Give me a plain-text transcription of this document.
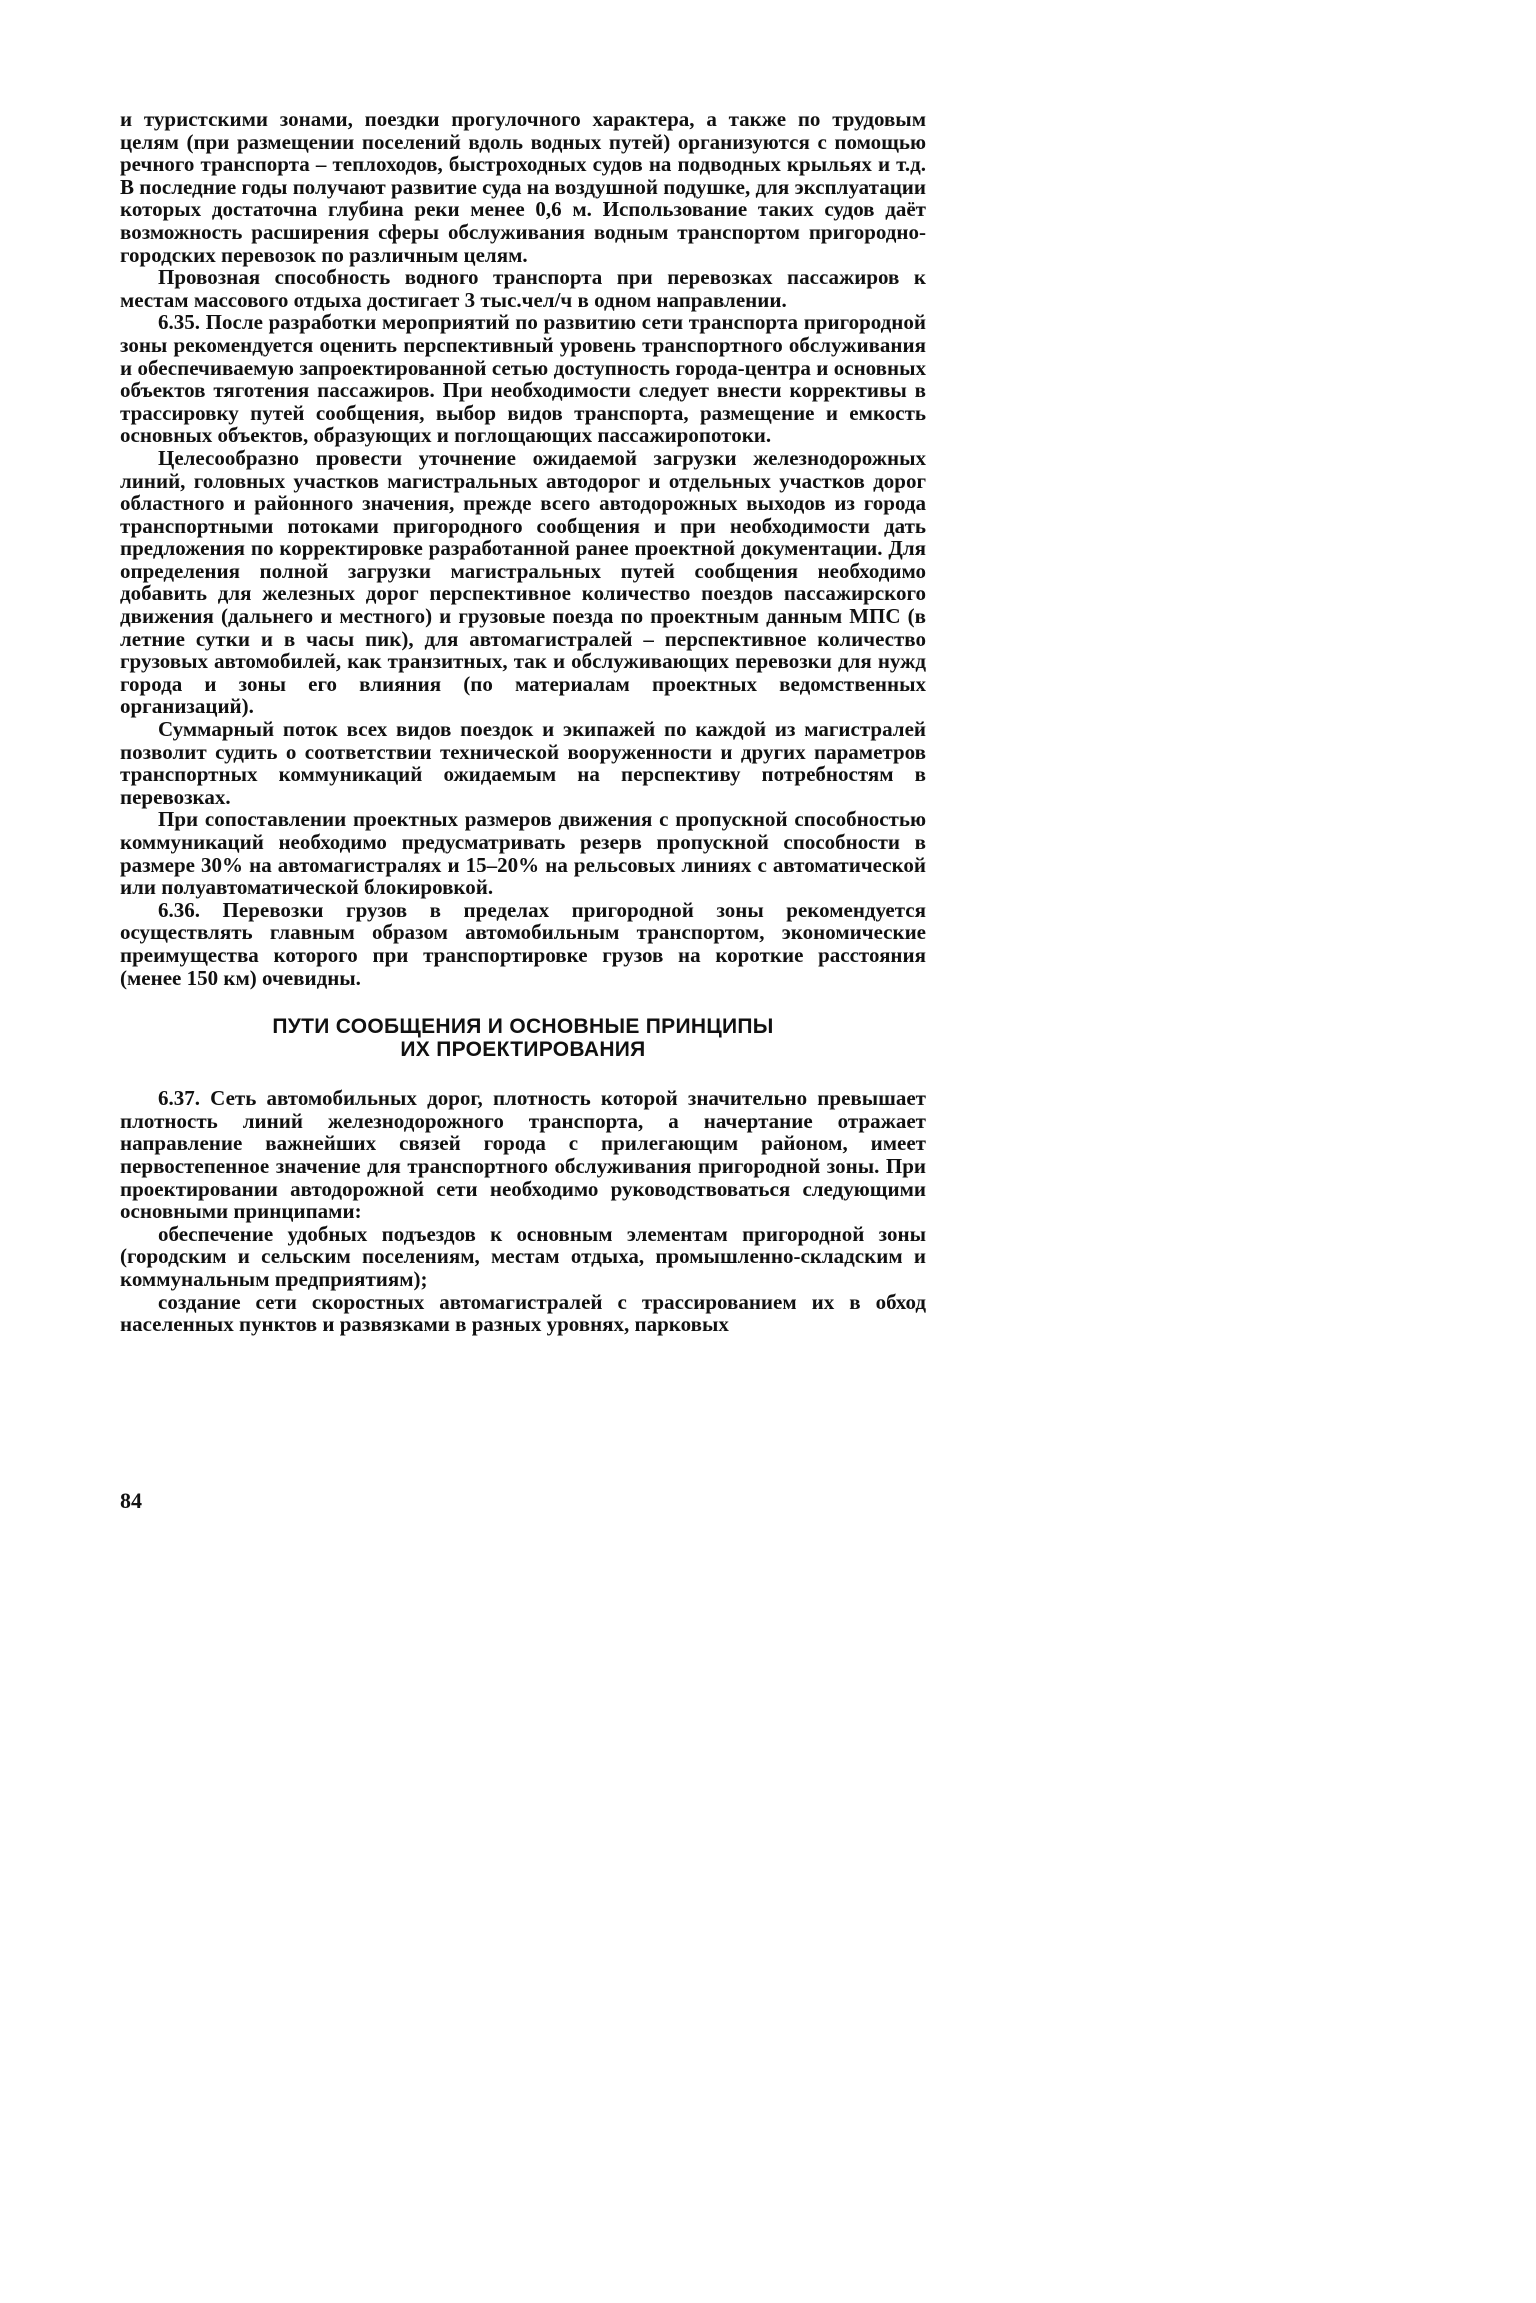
и туристскими зонами, поездки прогулочного характера, а также по трудовым целям (при размещении поселений вдоль водных путей) организуются с помощью речного транспорта – теплоходов, быстроходных судов на подводных крыльях и т.д. В последние годы получают развитие суда на воздушной подушке, для эксплуатации которых достаточна глубина реки менее 0,6 м. Использование таких судов даёт возможность расширения сферы обслуживания водным транспортом пригородно-городских перевозок по различным целям.

Провозная способность водного транспорта при перевозках пассажиров к местам массового отдыха достигает 3 тыс.чел/ч в одном направлении.

6.35. После разработки мероприятий по развитию сети транспорта пригородной зоны рекомендуется оценить перспективный уровень транспортного обслуживания и обеспечиваемую запроектированной сетью доступность города-центра и основных объектов тяготения пассажиров. При необходимости следует внести коррективы в трассировку путей сообщения, выбор видов транспорта, размещение и емкость основных объектов, образующих и поглощающих пассажиропотоки.

Целесообразно провести уточнение ожидаемой загрузки железнодорожных линий, головных участков магистральных автодорог и отдельных участков дорог областного и районного значения, прежде всего автодорожных выходов из города транспортными потоками пригородного сообщения и при необходимости дать предложения по корректировке разработанной ранее проектной документации. Для определения полной загрузки магистральных путей сообщения необходимо добавить для железных дорог перспективное количество поездов пассажирского движения (дальнего и местного) и грузовые поезда по проектным данным МПС (в летние сутки и в часы пик), для автомагистралей – перспективное количество грузовых автомобилей, как транзитных, так и обслуживающих перевозки для нужд города и зоны его влияния (по материалам проектных ведомственных организаций).

Суммарный поток всех видов поездок и экипажей по каждой из магистралей позволит судить о соответствии технической вооруженности и других параметров транспортных коммуникаций ожидаемым на перспективу потребностям в перевозках.

При сопоставлении проектных размеров движения с пропускной способностью коммуникаций необходимо предусматривать резерв пропускной способности в размере 30% на автомагистралях и 15–20% на рельсовых линиях с автоматической или полуавтоматической блокировкой.

6.36. Перевозки грузов в пределах пригородной зоны рекомендуется осуществлять главным образом автомобильным транспортом, экономические преимущества которого при транспортировке грузов на короткие расстояния (менее 150 км) очевидны.

ПУТИ СООБЩЕНИЯ И ОСНОВНЫЕ ПРИНЦИПЫ
ИХ ПРОЕКТИРОВАНИЯ

6.37. Сеть автомобильных дорог, плотность которой значительно превышает плотность линий железнодорожного транспорта, а начертание отражает направление важнейших связей города с прилегающим районом, имеет первостепенное значение для транспортного обслуживания пригородной зоны. При проектировании автодорожной сети необходимо руководствоваться следующими основными принципами:

обеспечение удобных подъездов к основным элементам пригородной зоны (городским и сельским поселениям, местам отдыха, промышленно-складским и коммунальным предприятиям);

создание сети скоростных автомагистралей с трассированием их в обход населенных пунктов и развязками в разных уровнях, парковых

84
